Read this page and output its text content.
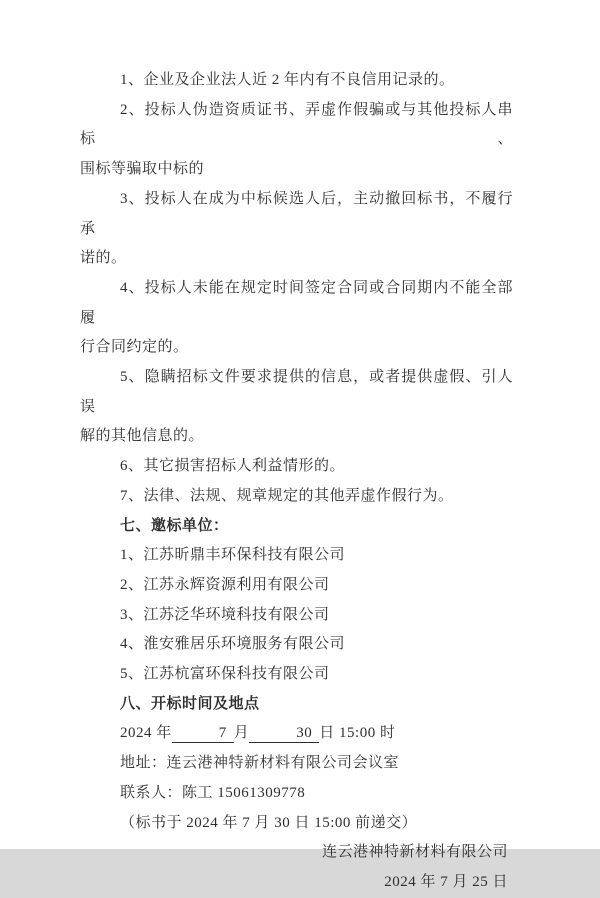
1、企业及企业法人近 2 年内有不良信用记录的。
2、投标人伪造资质证书、弄虚作假骗或与其他投标人串标、
围标等骗取中标的
3、投标人在成为中标候选人后，主动撤回标书，不履行承
诺的。
4、投标人未能在规定时间签定合同或合同期内不能全部履
行合同约定的。
5、隐瞒招标文件要求提供的信息，或者提供虚假、引人误
解的其他信息的。
6、其它损害招标人利益情形的。
7、法律、法规、规章规定的其他弄虚作假行为。
七、邀标单位：
1、江苏昕鼎丰环保科技有限公司
2、江苏永辉资源利用有限公司
3、江苏泛华环境科技有限公司
4、淮安雅居乐环境服务有限公司
5、江苏杭富环保科技有限公司
八、开标时间及地点
2024 年	7 月	30 日 15:00 时
地址：连云港神特新材料有限公司会议室
联系人：陈工 15061309778
（标书于 2024 年 7 月 30 日 15:00 前递交）
连云港神特新材料有限公司
2024 年 7 月 25 日
